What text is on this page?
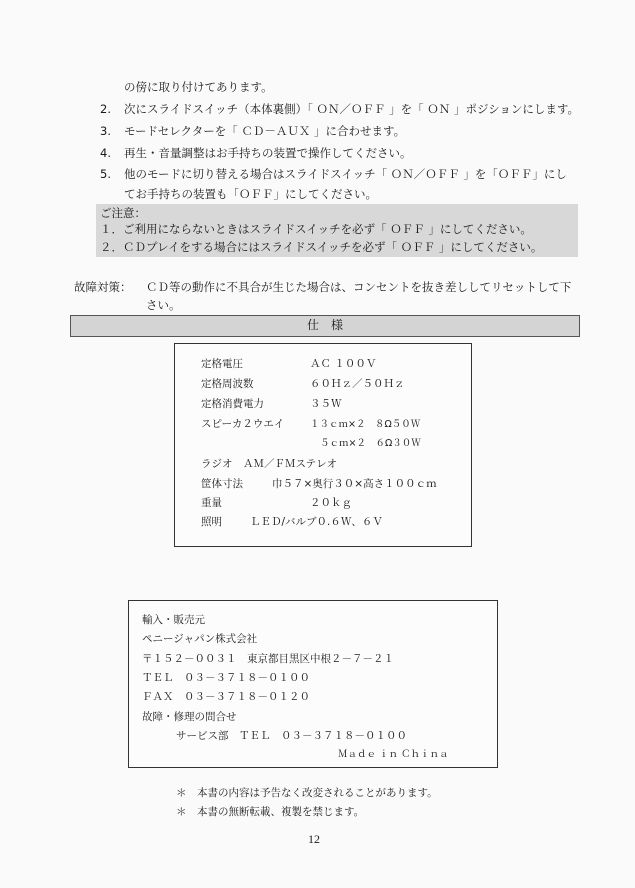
の傍に取り付けてあります。
2. 次にスライドスイッチ（本体裏側）「 ＯＮ／ＯＦＦ 」を「 ＯＮ 」ポジションにします。
3. モードセレクターを「 ＣＤ－ＡＵＸ 」に合わせます。
4. 再生・音量調整はお手持ちの装置で操作してください。
5. 他のモードに切り替える場合はスライドスイッチ「 ＯＮ／ＯＦＦ 」を「ＯＦＦ」にし
てお手持ちの装置も「ＯＦＦ」にしてください。
ご注意：
１．ご利用にならないときはスライドスイッチを必ず「 ＯＦＦ 」にしてください。
２．ＣＤプレイをする場合にはスライドスイッチを必ず「 ＯＦＦ 」にしてください。
故障対策： ＣＤ等の動作に不具合が生じた場合は、コンセントを抜き差ししてリセットして下
さい。
仕　様
定格電圧	ＡＣ １００Ｖ
定格周波数	６０Ｈｚ／５０Ｈｚ
定格消費電力	３５Ｗ
スピーカ２ウエイ	１３ｃｍ×２　８Ω５０Ｗ
５ｃｍ×２　６Ω３０Ｗ
ラジオ　ＡＭ／ＦＭステレオ
筐体寸法	巾５７×奥行３０×高さ１００ｃｍ
重量	２０ｋｇ
照明	ＬＥＤ/バルブ０.６Ｗ、６Ｖ
輸入・販売元
ペニージャパン株式会社
〒１５２－００３１　東京都目黒区中根２－７－２１
ＴＥＬ　０３－３７１８－０１００
ＦＡＸ　０３－３７１８－０１２０
故障・修理の問合せ
サービス部　ＴＥＬ　０３－３７１８－０１００
Ｍａｄｅ ｉｎ Ｃｈｉｎａ
＊　本書の内容は予告なく改変されることがあります。
＊　本書の無断転載、複製を禁じます。
12
